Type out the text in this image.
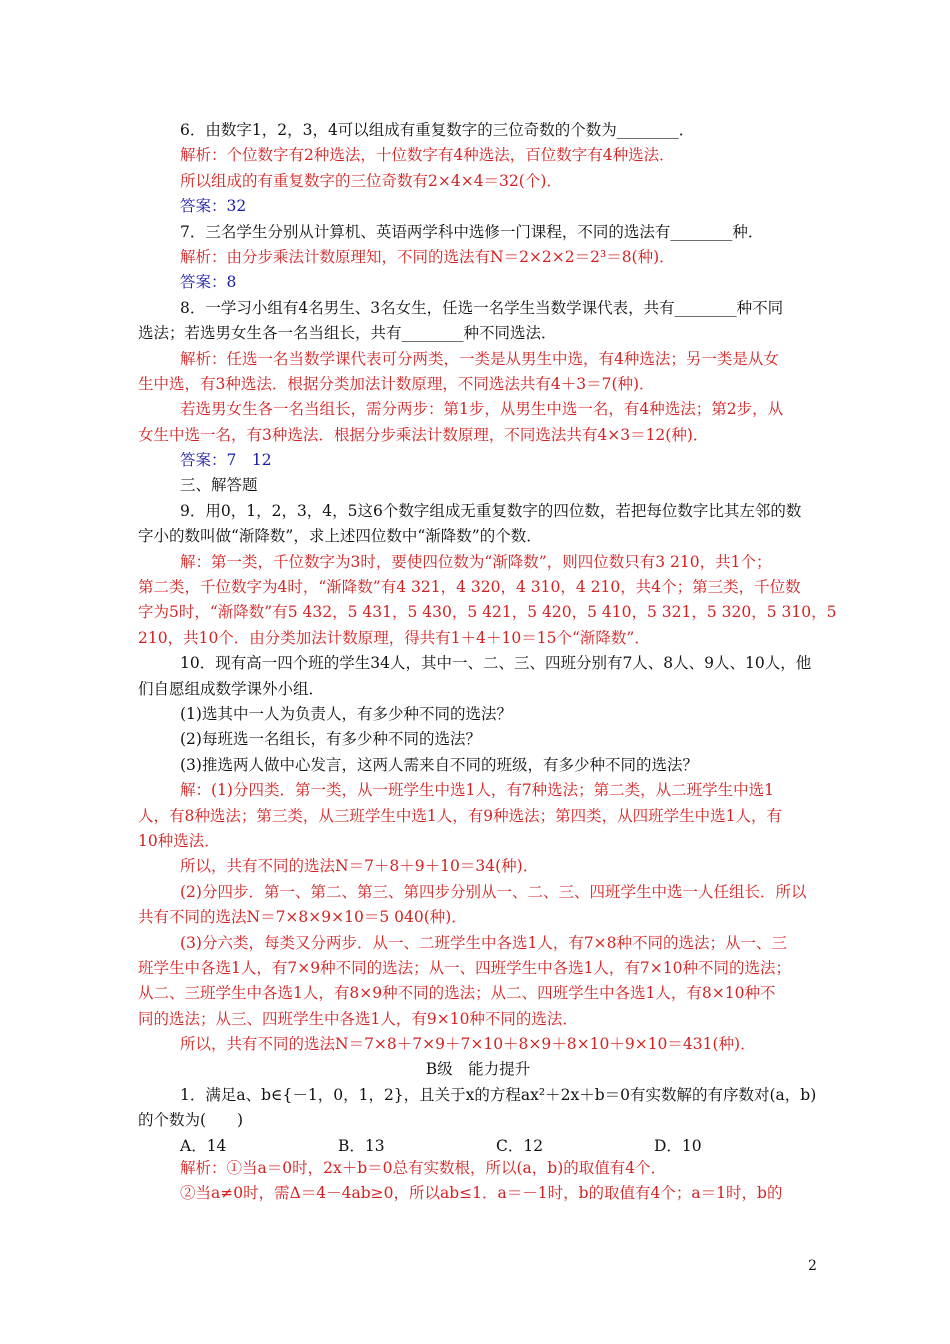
6．由数字1，2，3，4可以组成有重复数字的三位奇数的个数为________．
解析：个位数字有2种选法，十位数字有4种选法，百位数字有4种选法．
所以组成的有重复数字的三位奇数有2×4×4＝32(个)．
答案：32
7．三名学生分别从计算机、英语两学科中选修一门课程，不同的选法有________种．
解析：由分步乘法计数原理知，不同的选法有N＝2×2×2＝2³＝8(种)．
答案：8
8．一学习小组有4名男生、3名女生，任选一名学生当数学课代表，共有________种不同
选法；若选男女生各一名当组长，共有________种不同选法．
解析：任选一名当数学课代表可分两类，一类是从男生中选，有4种选法；另一类是从女
生中选，有3种选法．根据分类加法计数原理，不同选法共有4＋3＝7(种)．
若选男女生各一名当组长，需分两步：第1步，从男生中选一名，有4种选法；第2步，从
女生中选一名，有3种选法．根据分步乘法计数原理，不同选法共有4×3＝12(种)．
答案：7　12
三、解答题
9．用0，1，2，3，4，5这6个数字组成无重复数字的四位数，若把每位数字比其左邻的数
字小的数叫做“渐降数”，求上述四位数中“渐降数”的个数．
解：第一类，千位数字为3时，要使四位数为“渐降数”，则四位数只有3 210，共1个；
第二类，千位数字为4时，“渐降数”有4 321，4 320，4 310，4 210，共4个；第三类，千位数
字为5时，“渐降数”有5 432，5 431，5 430，5 421，5 420，5 410，5 321，5 320，5 310，5
210，共10个．由分类加法计数原理，得共有1＋4＋10＝15个“渐降数”．
10．现有高一四个班的学生34人，其中一、二、三、四班分别有7人、8人、9人、10人，他
们自愿组成数学课外小组．
(1)选其中一人为负责人，有多少种不同的选法？
(2)每班选一名组长，有多少种不同的选法？
(3)推选两人做中心发言，这两人需来自不同的班级，有多少种不同的选法？
解：(1)分四类．第一类，从一班学生中选1人，有7种选法；第二类，从二班学生中选1
人，有8种选法；第三类，从三班学生中选1人，有9种选法；第四类，从四班学生中选1人，有
10种选法．
所以，共有不同的选法N＝7＋8＋9＋10＝34(种)．
(2)分四步．第一、第二、第三、第四步分别从一、二、三、四班学生中选一人任组长．所以
共有不同的选法N＝7×8×9×10＝5 040(种)．
(3)分六类，每类又分两步．从一、二班学生中各选1人，有7×8种不同的选法；从一、三
班学生中各选1人，有7×9种不同的选法；从一、四班学生中各选1人，有7×10种不同的选法；
从二、三班学生中各选1人，有8×9种不同的选法；从二、四班学生中各选1人，有8×10种不
同的选法；从三、四班学生中各选1人，有9×10种不同的选法．
所以，共有不同的选法N＝7×8＋7×9＋7×10＋8×9＋8×10＋9×10＝431(种)．
B级　能力提升
1．满足a、b∈{－1，0，1，2}，且关于x的方程ax²＋2x＋b＝0有实数解的有序数对(a，b)
的个数为(　　)
A．14	B．13	C．12	D．10
解析：①当a＝0时，2x＋b＝0总有实数根，所以(a，b)的取值有4个．
②当a≠0时，需Δ＝4－4ab≥0，所以ab≤1．a＝－1时，b的取值有4个；a＝1时，b的
2
